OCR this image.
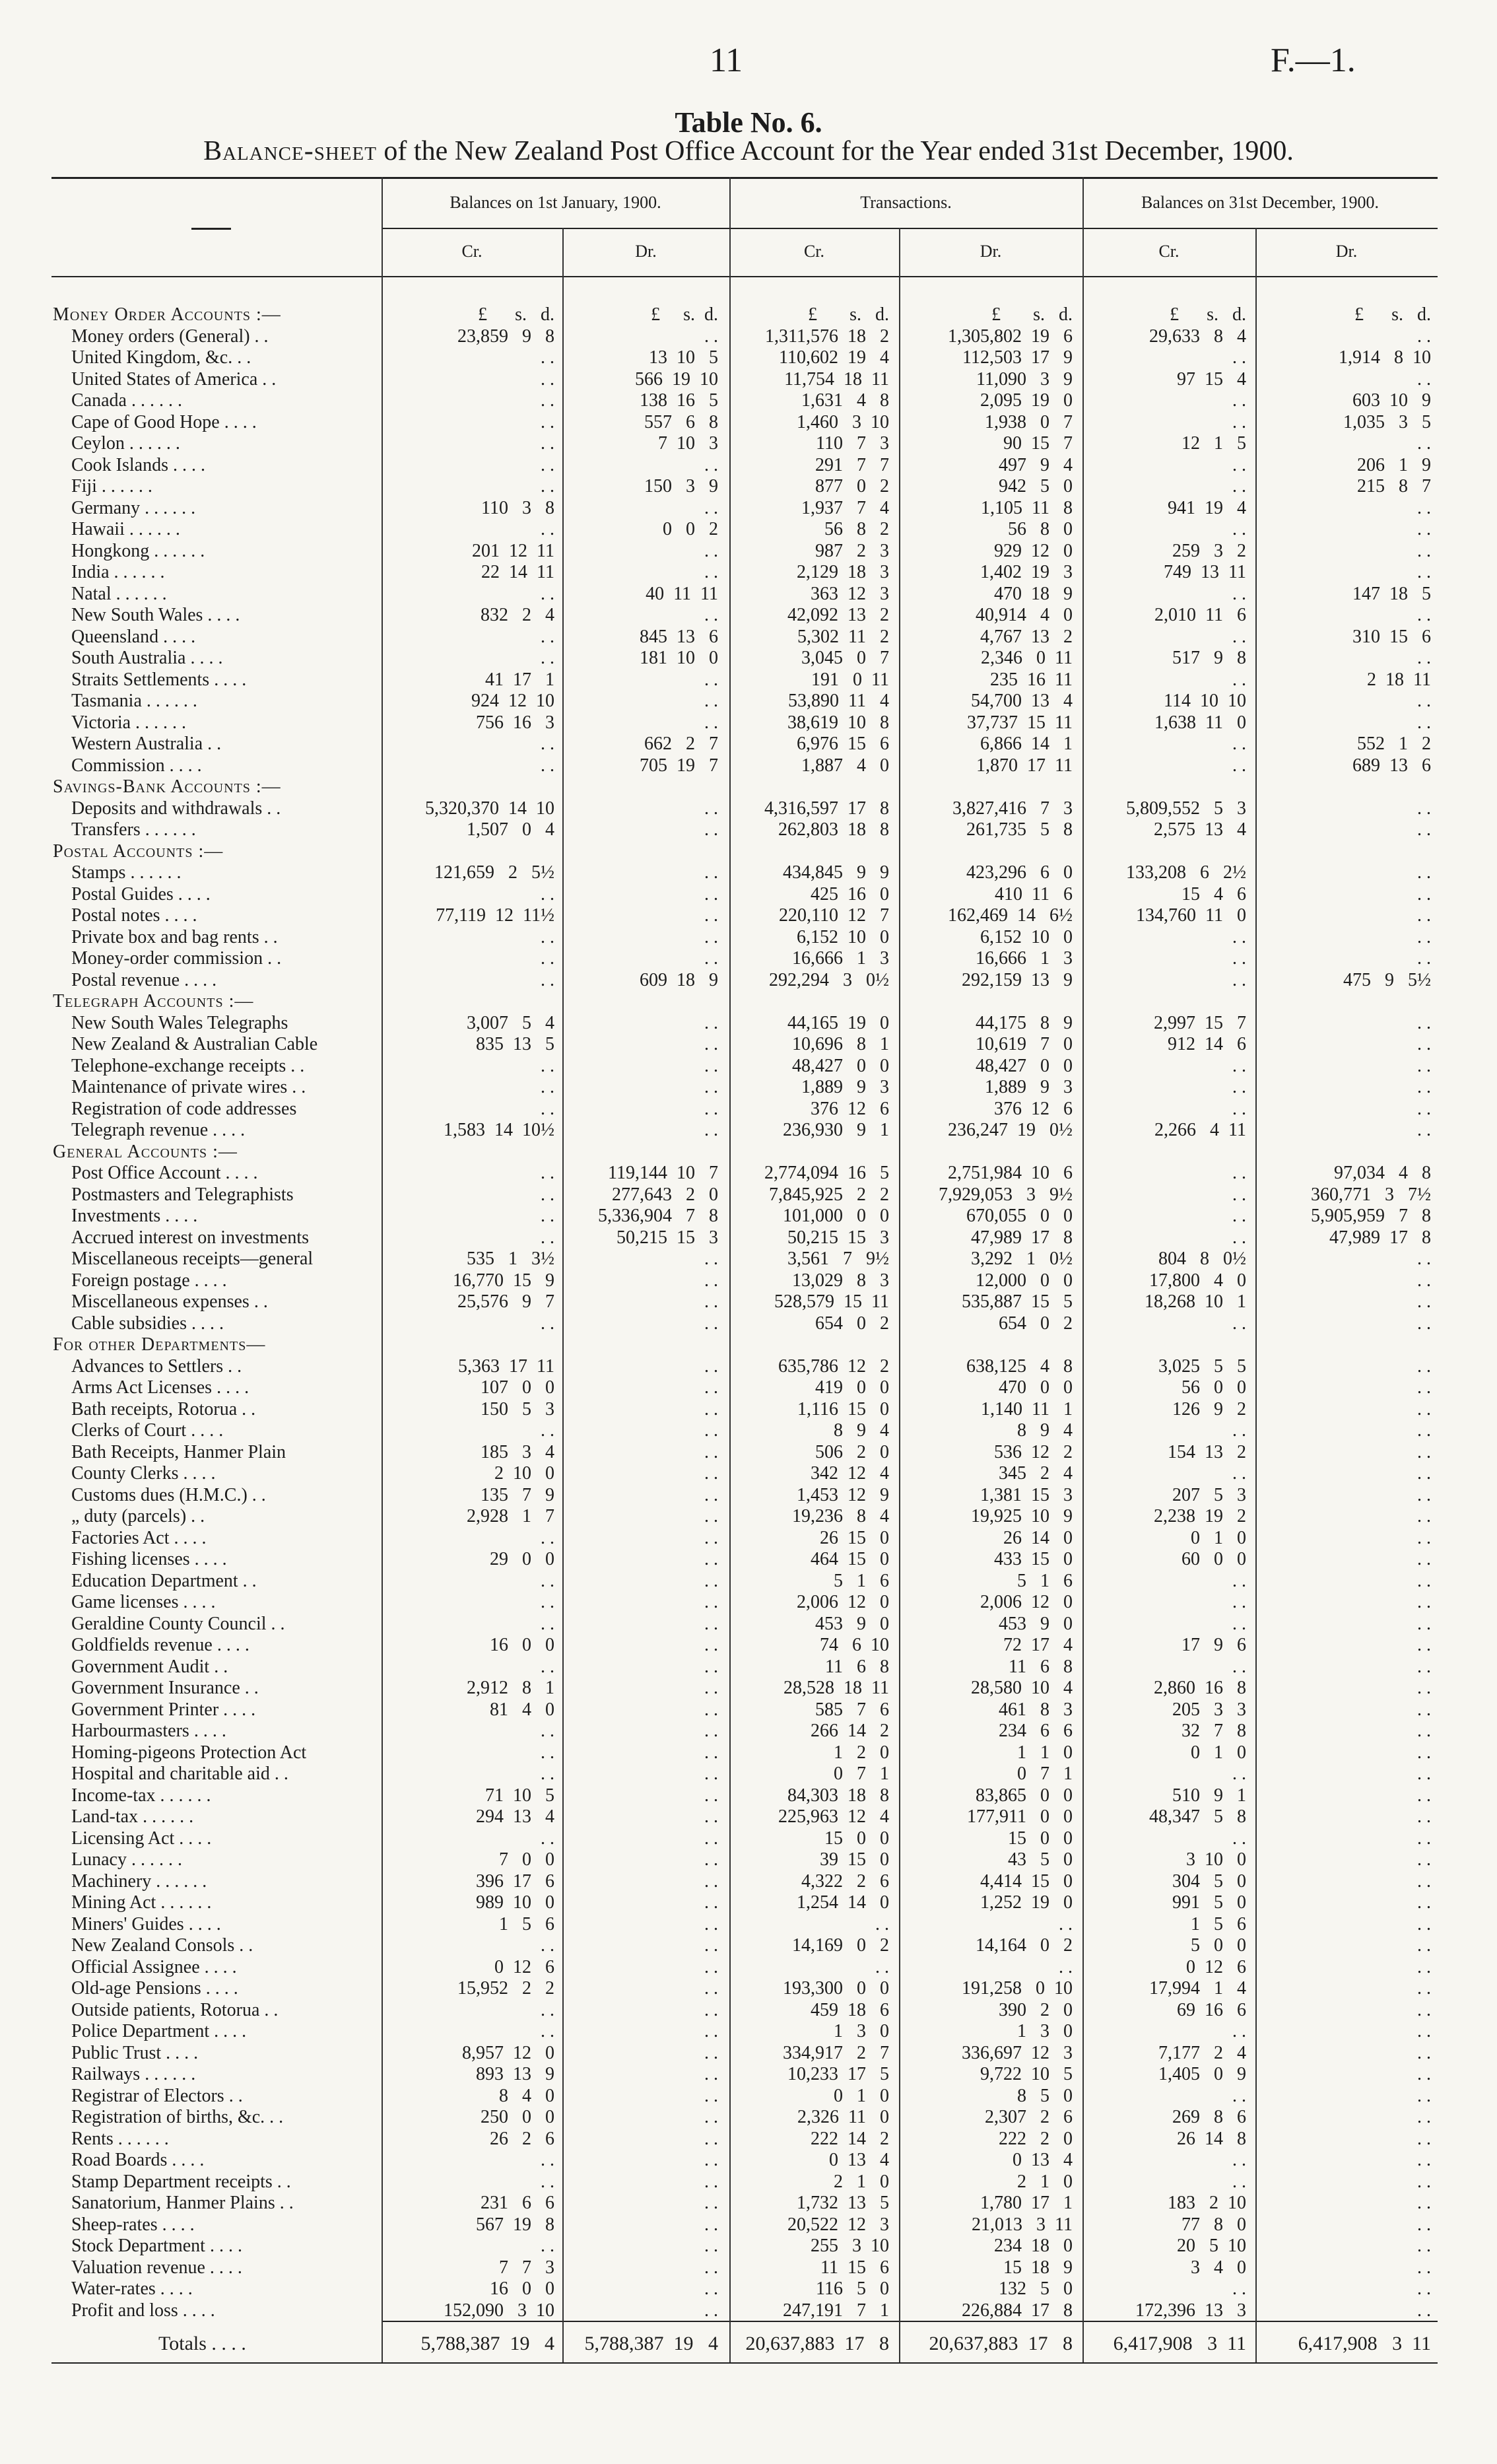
11	F.—1.
Table No. 6.
Balance-sheet of the New Zealand Post Office Account for the Year ended 31st December, 1900.
Balances on 1st January, 1900.	Transactions.	Balances on 31st December, 1900.
Cr.	Dr.	Cr.	Dr.	Cr.	Dr.
Money Order Accounts :—	£      s.   d.	£     s.  d.	£       s.   d.	£       s.   d.	£      s.   d.	£      s.   d.
Money orders (General) . .	23,859   9   8	. .	1,311,576  18   2	1,305,802  19   6	29,633   8   4	. .
United Kingdom, &c. . .	. .	13  10   5	110,602  19   4	112,503  17   9	. .	1,914   8  10
United States of America . .	. .	566  19  10	11,754  18  11	11,090   3   9	97  15   4	. .
Canada . . . . . .	. .	138  16   5	1,631   4   8	2,095  19   0	. .	603  10   9
Cape of Good Hope . . . .	. .	557   6   8	1,460   3  10	1,938   0   7	. .	1,035   3   5
Ceylon . . . . . .	. .	7  10   3	110   7   3	90  15   7	12   1   5	. .
Cook Islands . . . .	. .	. .	291   7   7	497   9   4	. .	206   1   9
Fiji . . . . . .	. .	150   3   9	877   0   2	942   5   0	. .	215   8   7
Germany . . . . . .	110   3   8	. .	1,937   7   4	1,105  11   8	941  19   4	. .
Hawaii . . . . . .	. .	0   0   2	56   8   2	56   8   0	. .	. .
Hongkong . . . . . .	201  12  11	. .	987   2   3	929  12   0	259   3   2	. .
India . . . . . .	22  14  11	. .	2,129  18   3	1,402  19   3	749  13  11	. .
Natal . . . . . .	. .	40  11  11	363  12   3	470  18   9	. .	147  18   5
New South Wales . . . .	832   2   4	. .	42,092  13   2	40,914   4   0	2,010  11   6	. .
Queensland . . . .	. .	845  13   6	5,302  11   2	4,767  13   2	. .	310  15   6
South Australia . . . .	. .	181  10   0	3,045   0   7	2,346   0  11	517   9   8	. .
Straits Settlements . . . .	41  17   1	. .	191   0  11	235  16  11	. .	2  18  11
Tasmania . . . . . .	924  12  10	. .	53,890  11   4	54,700  13   4	114  10  10	. .
Victoria . . . . . .	756  16   3	. .	38,619  10   8	37,737  15  11	1,638  11   0	. .
Western Australia . .	. .	662   2   7	6,976  15   6	6,866  14   1	. .	552   1   2
Commission . . . .	. .	705  19   7	1,887   4   0	1,870  17  11	. .	689  13   6
Savings-Bank Accounts :—
Deposits and withdrawals . .	5,320,370  14  10	. .	4,316,597  17   8	3,827,416   7   3	5,809,552   5   3	. .
Transfers . . . . . .	1,507   0   4	. .	262,803  18   8	261,735   5   8	2,575  13   4	. .
Postal Accounts :—
Stamps . . . . . .	121,659   2   5½	. .	434,845   9   9	423,296   6   0	133,208   6   2½	. .
Postal Guides . . . .	. .	. .	425  16   0	410  11   6	15   4   6	. .
Postal notes . . . .	77,119  12  11½	. .	220,110  12   7	162,469  14   6½	134,760  11   0	. .
Private box and bag rents . .	. .	. .	6,152  10   0	6,152  10   0	. .	. .
Money-order commission . .	. .	. .	16,666   1   3	16,666   1   3	. .	. .
Postal revenue . . . .	. .	609  18   9	292,294   3   0½	292,159  13   9	. .	475   9   5½
Telegraph Accounts :—
New South Wales Telegraphs	3,007   5   4	. .	44,165  19   0	44,175   8   9	2,997  15   7	. .
New Zealand & Australian Cable	835  13   5	. .	10,696   8   1	10,619   7   0	912  14   6	. .
Telephone-exchange receipts . .	. .	. .	48,427   0   0	48,427   0   0	. .	. .
Maintenance of private wires . .	. .	. .	1,889   9   3	1,889   9   3	. .	. .
Registration of code addresses	. .	. .	376  12   6	376  12   6	. .	. .
Telegraph revenue . . . .	1,583  14  10½	. .	236,930   9   1	236,247  19   0½	2,266   4  11	. .
General Accounts :—
Post Office Account . . . .	. .	119,144  10   7	2,774,094  16   5	2,751,984  10   6	. .	97,034   4   8
Postmasters and Telegraphists	. .	277,643   2   0	7,845,925   2   2	7,929,053   3   9½	. .	360,771   3   7½
Investments . . . .	. .	5,336,904   7   8	101,000   0   0	670,055   0   0	. .	5,905,959   7   8
Accrued interest on investments	. .	50,215  15   3	50,215  15   3	47,989  17   8	. .	47,989  17   8
Miscellaneous receipts—general	535   1   3½	. .	3,561   7   9½	3,292   1   0½	804   8   0½	. .
Foreign postage . . . .	16,770  15   9	. .	13,029   8   3	12,000   0   0	17,800   4   0	. .
Miscellaneous expenses . .	25,576   9   7	. .	528,579  15  11	535,887  15   5	18,268  10   1	. .
Cable subsidies . . . .	. .	. .	654   0   2	654   0   2	. .	. .
For other Departments—
Advances to Settlers . .	5,363  17  11	. .	635,786  12   2	638,125   4   8	3,025   5   5	. .
Arms Act Licenses . . . .	107   0   0	. .	419   0   0	470   0   0	56   0   0	. .
Bath receipts, Rotorua . .	150   5   3	. .	1,116  15   0	1,140  11   1	126   9   2	. .
Clerks of Court . . . .	. .	. .	8   9   4	8   9   4	. .	. .
Bath Receipts, Hanmer Plain	185   3   4	. .	506   2   0	536  12   2	154  13   2	. .
County Clerks . . . .	2  10   0	. .	342  12   4	345   2   4	. .	. .
Customs dues (H.M.C.) . .	135   7   9	. .	1,453  12   9	1,381  15   3	207   5   3	. .
„ duty (parcels) . .	2,928   1   7	. .	19,236   8   4	19,925  10   9	2,238  19   2	. .
Factories Act . . . .	. .	. .	26  15   0	26  14   0	0   1   0	. .
Fishing licenses . . . .	29   0   0	. .	464  15   0	433  15   0	60   0   0	. .
Education Department . .	. .	. .	5   1   6	5   1   6	. .	. .
Game licenses . . . .	. .	. .	2,006  12   0	2,006  12   0	. .	. .
Geraldine County Council . .	. .	. .	453   9   0	453   9   0	. .	. .
Goldfields revenue . . . .	16   0   0	. .	74   6  10	72  17   4	17   9   6	. .
Government Audit . .	. .	. .	11   6   8	11   6   8	. .	. .
Government Insurance . .	2,912   8   1	. .	28,528  18  11	28,580  10   4	2,860  16   8	. .
Government Printer . . . .	81   4   0	. .	585   7   6	461   8   3	205   3   3	. .
Harbourmasters . . . .	. .	. .	266  14   2	234   6   6	32   7   8	. .
Homing-pigeons Protection Act	. .	. .	1   2   0	1   1   0	0   1   0	. .
Hospital and charitable aid . .	. .	. .	0   7   1	0   7   1	. .	. .
Income-tax . . . . . .	71  10   5	. .	84,303  18   8	83,865   0   0	510   9   1	. .
Land-tax . . . . . .	294  13   4	. .	225,963  12   4	177,911   0   0	48,347   5   8	. .
Licensing Act . . . .	. .	. .	15   0   0	15   0   0	. .	. .
Lunacy . . . . . .	7   0   0	. .	39  15   0	43   5   0	3  10   0	. .
Machinery . . . . . .	396  17   6	. .	4,322   2   6	4,414  15   0	304   5   0	. .
Mining Act . . . . . .	989  10   0	. .	1,254  14   0	1,252  19   0	991   5   0	. .
Miners' Guides . . . .	1   5   6	. .	. .	. .	1   5   6	. .
New Zealand Consols . .	. .	. .	14,169   0   2	14,164   0   2	5   0   0	. .
Official Assignee . . . .	0  12   6	. .	. .	. .	0  12   6	. .
Old-age Pensions . . . .	15,952   2   2	. .	193,300   0   0	191,258   0  10	17,994   1   4	. .
Outside patients, Rotorua . .	. .	. .	459  18   6	390   2   0	69  16   6	. .
Police Department . . . .	. .	. .	1   3   0	1   3   0	. .	. .
Public Trust . . . .	8,957  12   0	. .	334,917   2   7	336,697  12   3	7,177   2   4	. .
Railways . . . . . .	893  13   9	. .	10,233  17   5	9,722  10   5	1,405   0   9	. .
Registrar of Electors . .	8   4   0	. .	0   1   0	8   5   0	. .	. .
Registration of births, &c. . .	250   0   0	. .	2,326  11   0	2,307   2   6	269   8   6	. .
Rents . . . . . .	26   2   6	. .	222  14   2	222   2   0	26  14   8	. .
Road Boards . . . .	. .	. .	0  13   4	0  13   4	. .	. .
Stamp Department receipts . .	. .	. .	2   1   0	2   1   0	. .	. .
Sanatorium, Hanmer Plains . .	231   6   6	. .	1,732  13   5	1,780  17   1	183   2  10	. .
Sheep-rates . . . .	567  19   8	. .	20,522  12   3	21,013   3  11	77   8   0	. .
Stock Department . . . .	. .	. .	255   3  10	234  18   0	20   5  10	. .
Valuation revenue . . . .	7   7   3	. .	11  15   6	15  18   9	3   4   0	. .
Water-rates . . . .	16   0   0	. .	116   5   0	132   5   0	. .	. .
Profit and loss . . . .	152,090   3  10	. .	247,191   7   1	226,884  17   8	172,396  13   3	. .
Totals . . . .	5,788,387  19   4	5,788,387  19   4	20,637,883  17   8	20,637,883  17   8	6,417,908   3  11	6,417,908   3  11
